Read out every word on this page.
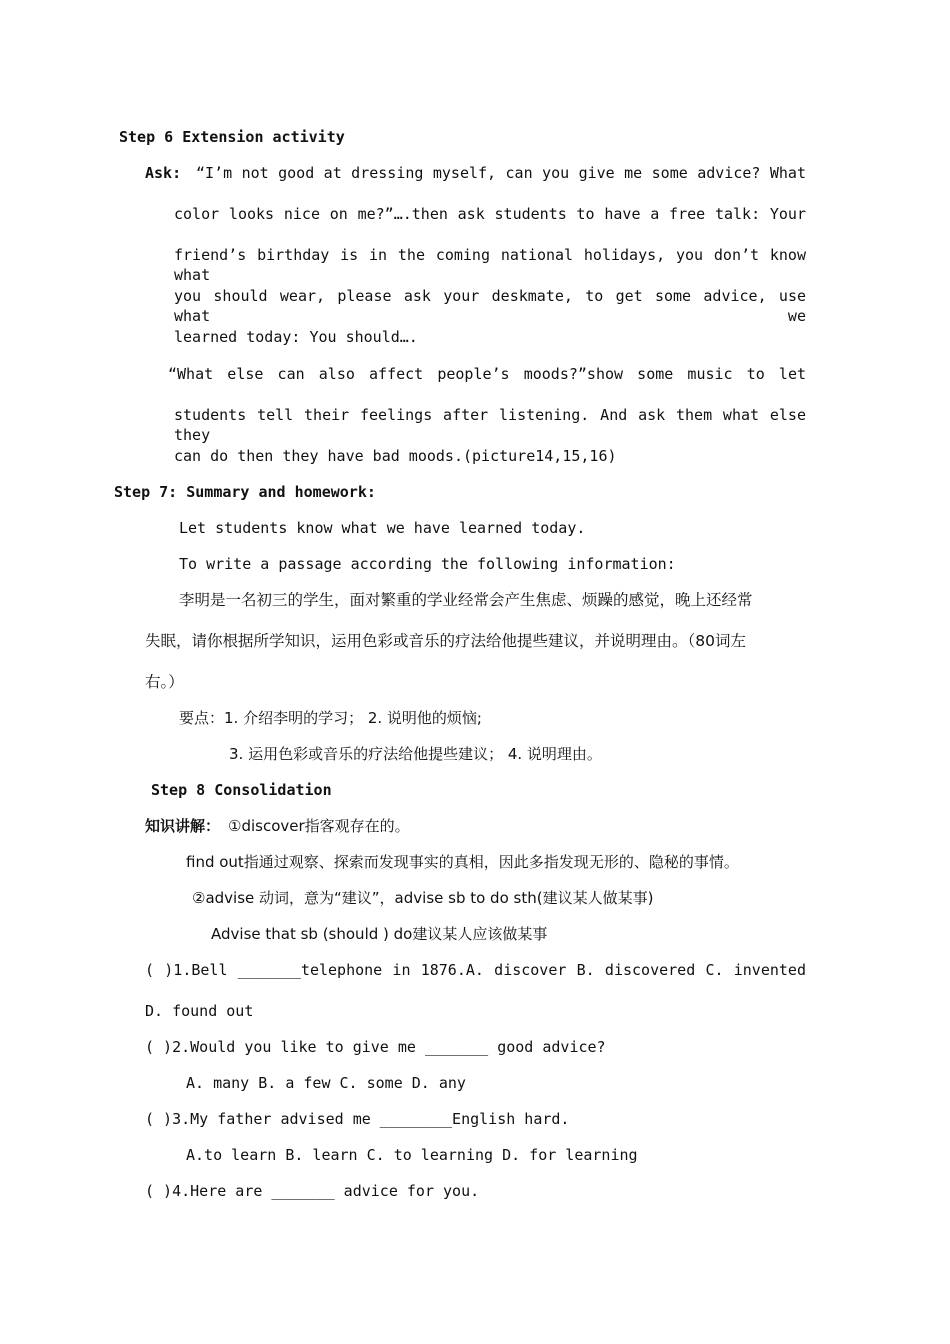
Step 6 Extension activity
Ask: “I’m not good at dressing myself, can you give me some advice? What
color looks nice on me?”….then ask students to have a free talk: Your
friend’s birthday is in the coming national holidays, you don’t know what
you should wear, please ask your deskmate, to get some advice, use what we
learned today: You should….
“What else can also affect people’s moods?”show some music to let
students tell their feelings after listening. And ask them what else they
can do then they have bad moods.(picture14,15,16)
Step 7: Summary and homework:
Let students know what we have learned today.
To write a passage according the following information:
李明是一名初三的学生，面对繁重的学业经常会产生焦虑、烦躁的感觉，晚上还经常
失眠，请你根据所学知识，运用色彩或音乐的疗法给他提些建议，并说明理由。（80词左
右。）
要点：1. 介绍李明的学习； 2. 说明他的烦恼;
3. 运用色彩或音乐的疗法给他提些建议； 4. 说明理由。
Step 8 Consolidation
知识讲解： ①discover指客观存在的。
find out指通过观察、探索而发现事实的真相，因此多指发现无形的、隐秘的事情。
②advise 动词，意为“建议”，advise sb to do sth(建议某人做某事)
Advise that sb (should ) do建议某人应该做某事
( )1.Bell _______telephone in 1876.A. discover B. discovered C. invented
D. found out
( )2.Would you like to give me _______ good advice?
A. many B. a few C. some D. any
( )3.My father advised me ________English hard.
A.to learn B. learn C. to learning D. for learning
( )4.Here are _______ advice for you.
